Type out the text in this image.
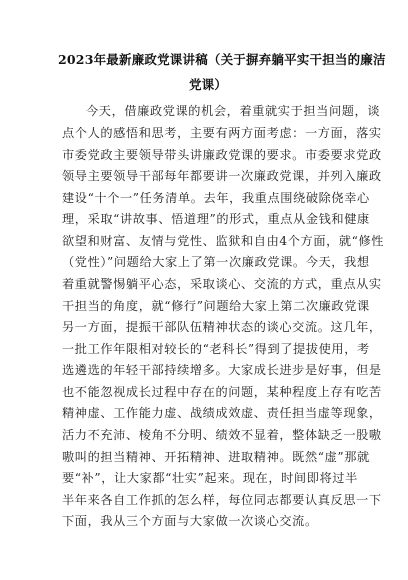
2023年最新廉政党课讲稿（关于摒弃躺平实干担当的廉洁
党课）
今天，借廉政党课的机会，着重就实于担当问题，谈
点个人的感悟和思考，主要有两方面考虑：一方面，落实
市委党政主要领导带头讲廉政党课的要求。市委要求党政
领导主要领导干部每年都要讲一次廉政党课，并列入廉政
建设“十个一”任务清单。去年，我重点围绕破除侥幸心
理，采取“讲故事、悟道理”的形式，重点从金钱和健康
欲望和财富、友情与党性、监狱和自由4个方面，就“修性
（党性）”问题给大家上了第一次廉政党课。今天，我想
着重就警惕躺平心态，采取谈心、交流的方式，重点从实
干担当的角度，就“修行”问题给大家上第二次廉政党课
另一方面，提振干部队伍精神状态的谈心交流。这几年，
一批工作年限相对较长的“老科长”得到了提拔使用，考
选遴选的年轻干部持续增多。大家成长进步是好事，但是
也不能忽视成长过程中存在的问题，某种程度上存有吃苦
精神虚、工作能力虚、战绩成效虚、责任担当虚等现象，
活力不充沛、棱角不分明、绩效不显着，整体缺乏一股嗷
嗷叫的担当精神、开拓精神、进取精神。既然“虚”那就
要“补”，让大家都“壮实”起来。现在，时间即将过半
半年来各自工作抓的怎么样，每位同志都要认真反思一下
下面，我从三个方面与大家做一次谈心交流。
